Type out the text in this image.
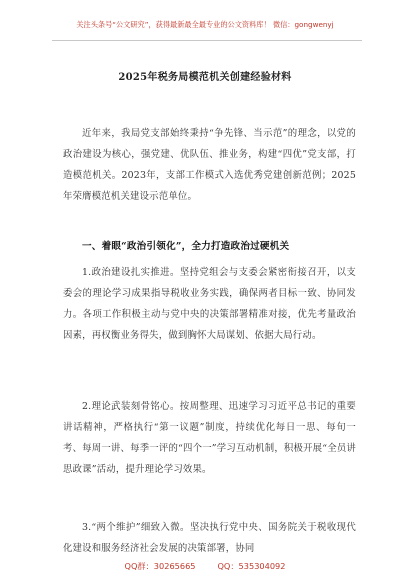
关注头条号“公文研究”，获得最新最全最专业的公文资料库！ 微信：gongwenyj
2025年税务局模范机关创建经验材料
近年来，我局党支部始终秉持“争先锋、当示范”的理念，以党的政治建设为核心，强党建、优队伍、推业务，构建“四优”党支部，打造模范机关。2023年，支部工作模式入选优秀党建创新范例；2025年荣膺模范机关建设示范单位。
一、着眼“政治引领化”，全力打造政治过硬机关
1.政治建设扎实推进。坚持党组会与支委会紧密衔接召开，以支委会的理论学习成果指导税收业务实践，确保两者目标一致、协同发力。各项工作积极主动与党中央的决策部署精准对接，优先考量政治因素，再权衡业务得失，做到胸怀大局谋划、依据大局行动。
2.理论武装刻骨铭心。按周整理、迅速学习习近平总书记的重要讲话精神，严格执行“第一议题”制度，持续优化每日一思、每旬一考、每周一讲、每季一评的“四个一”学习互动机制，积极开展“全员讲思政课”活动，提升理论学习效果。
3.“两个维护”细致入微。坚决执行党中央、国务院关于税收现代化建设和服务经济社会发展的决策部署，协同
QQ群：30265665	QQ：535304092
